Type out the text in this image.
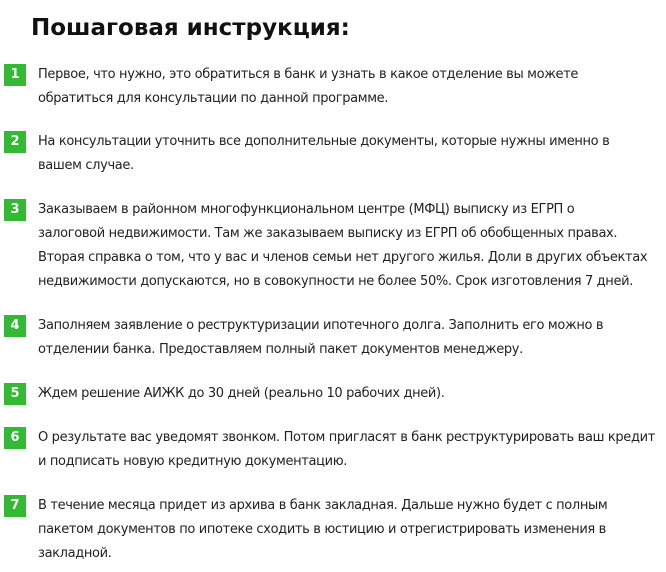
Пошаговая инструкция:
1	Первое, что нужно, это обратиться в банк и узнать в какое отделение вы можете
обратиться для консультации по данной программе.

2	На консультации уточнить все дополнительные документы, которые нужны именно в
вашем случае.

3	Заказываем в районном многофункциональном центре (МФЦ) выписку из ЕГРП о
залоговой недвижимости. Там же заказываем выписку из ЕГРП об обобщенных правах.
Вторая справка о том, что у вас и членов семьи нет другого жилья. Доли в других объектах
недвижимости допускаются, но в совокупности не более 50%. Срок изготовления 7 дней.

4	Заполняем заявление о реструктуризации ипотечного долга. Заполнить его можно в
отделении банка. Предоставляем полный пакет документов менеджеру.

5	Ждем решение АИЖК до 30 дней (реально 10 рабочих дней).

6	О результате вас уведомят звонком. Потом пригласят в банк реструктурировать ваш кредит
и подписать новую кредитную документацию.

7	В течение месяца придет из архива в банк закладная. Дальше нужно будет с полным
пакетом документов по ипотеке сходить в юстицию и отрегистрировать изменения в
закладной.
